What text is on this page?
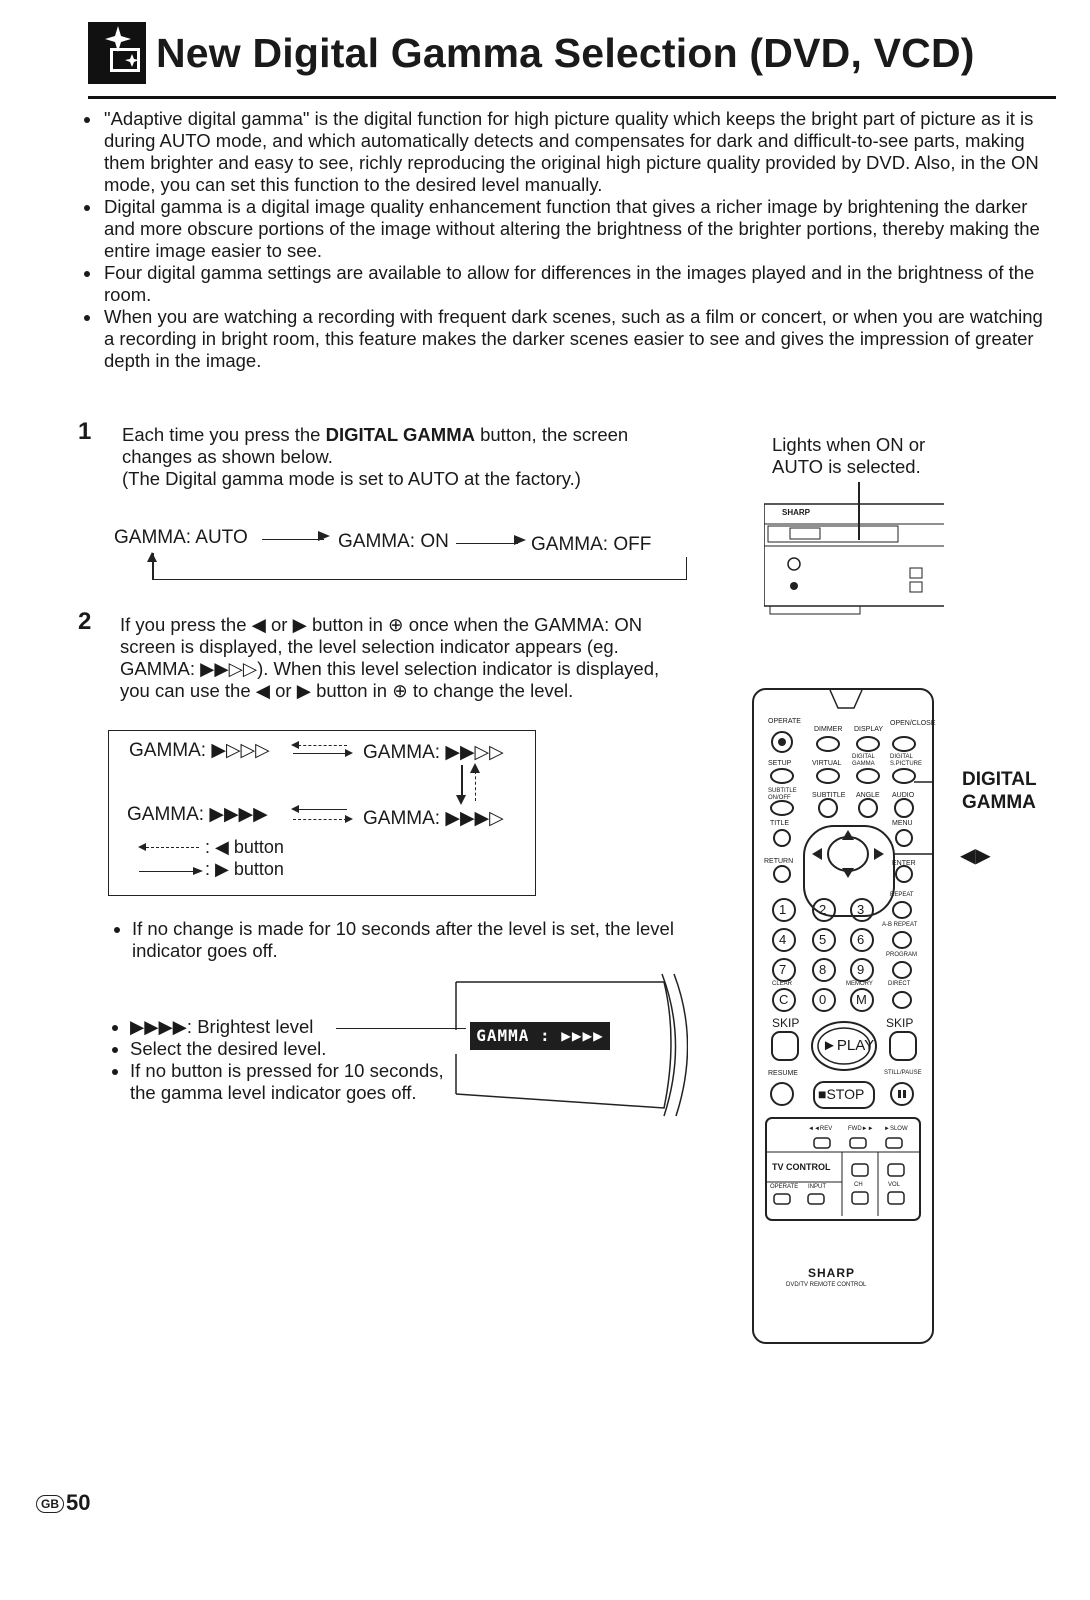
New Digital Gamma Selection (DVD, VCD)
• "Adaptive digital gamma" is the digital function for high picture quality which keeps the bright part of picture as it is during AUTO mode, and which automatically detects and compensates for dark and difficult-to-see parts, making them brighter and easy to see, richly reproducing the original high picture quality provided by DVD. Also, in the ON mode, you can set this function to the desired level manually.
• Digital gamma is a digital image quality enhancement function that gives a richer image by brightening the darker and more obscure portions of the image without altering the brightness of the brighter portions, thereby making the entire image easier to see.
• Four digital gamma settings are available to allow for differences in the images played and in the brightness of the room.
• When you are watching a recording with frequent dark scenes, such as a film or concert, or when you are watching a recording in bright room, this feature makes the darker scenes easier to see and gives the impression of greater depth in the image.
1 Each time you press the DIGITAL GAMMA button, the screen changes as shown below.
(The Digital gamma mode is set to AUTO at the factory.)
GAMMA: AUTO	GAMMA: ON	GAMMA: OFF
Lights when ON or AUTO is selected.
SHARP
2 If you press the ◀ or ▶ button in ⊕ once when the GAMMA: ON screen is displayed, the level selection indicator appears (eg. GAMMA: ▶▶▷▷). When this level selection indicator is displayed, you can use the ◀ or ▶ button in ⊕ to change the level.
GAMMA: ▶▷▷▷	GAMMA: ▶▶▷▷
GAMMA: ▶▶▶▶	GAMMA: ▶▶▶▷
: ◀ button
: ▶ button
• If no change is made for 10 seconds after the level is set, the level indicator goes off.
• ▶▶▶▶: Brightest level
• Select the desired level.
• If no button is pressed for 10 seconds, the gamma level indicator goes off.
GAMMA : ▶▶▶▶
OPERATE
DIMMER DISPLAY
OPEN/CLOSE
SETUP	VIRTUAL
DIGITAL GAMMA
DIGITAL S.PICTURE
SUBTITLE ON/OFF	SUBTITLE ANGLE AUDIO
TITLE	MENU
RETURN	ENTER
REPEAT
A-B REPEAT
PROGRAM
CLEAR	MEMORY	DIRECT
1	2 3
4	5 6
7	8 9
C 0 M
SKIP	SKIP
►PLAY
RESUME
■STOP
STILL/PAUSE
◄◄REV	FWD►► ►SLOW
TV CONTROL
OPERATE INPUT	CH	VOL
SHARP
DVD/TV REMOTE CONTROL
DIGITAL GAMMA
◀▶
GB 50
